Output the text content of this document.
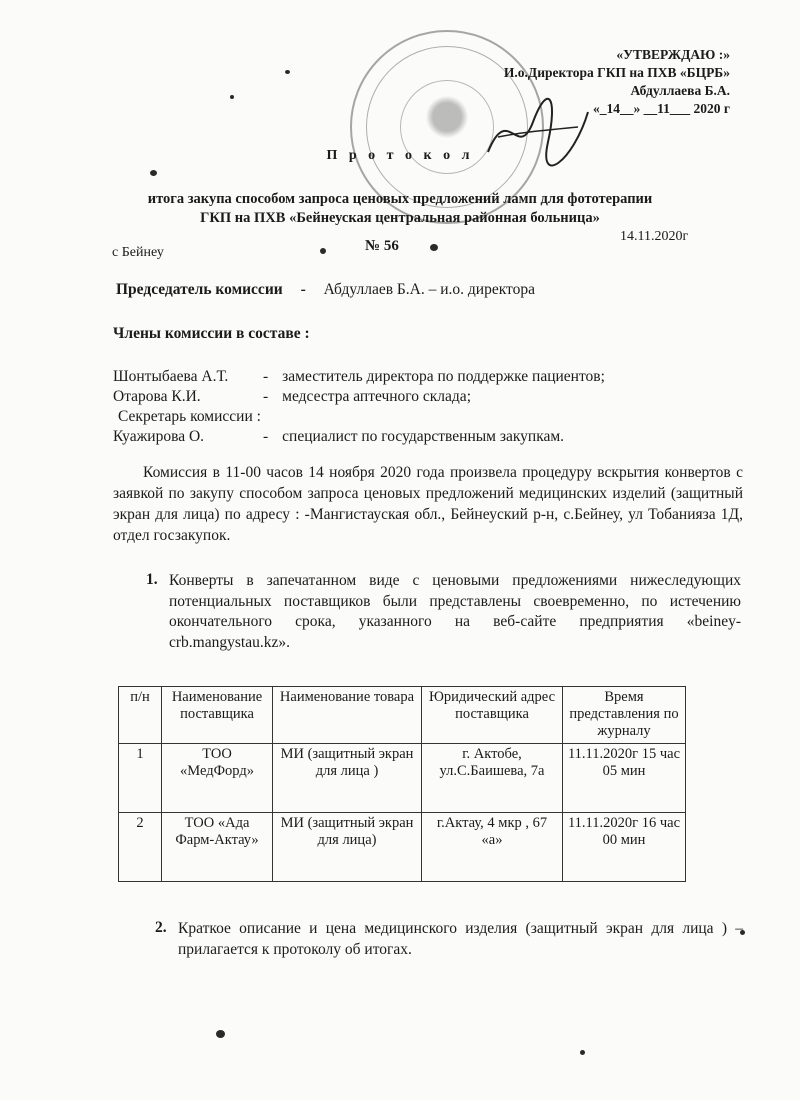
«УТВЕРЖДАЮ :»
И.о.Директора ГКП на ПХВ «БЦРБ»
Абдуллаева Б.А.
«_14__» __11___ 2020 г
П р о т о к о л
итога закупа способом запроса ценовых предложений ламп для фототерапии
ГКП на ПХВ «Бейнеуская центральная районная больница»
14.11.2020г
с Бейнеу	№ 56
Председатель комиссии - Абдуллаев Б.А. – и.о. директора
Члены комиссии в составе :
Шонтыбаева А.Т. - заместитель директора по поддержке пациентов;
Отарова К.И.	- медсестра аптечного склада;
Секретарь комиссии :
Куажирова О.	- специалист по государственным закупкам.
Комиссия в 11-00 часов 14 ноября 2020 года произвела процедуру вскрытия конвертов с заявкой по закупу способом запроса ценовых предложений медицинских изделий (защитный экран для лица) по адресу : -Мангистауская обл., Бейнеуский р-н, с.Бейнеу, ул Тобанияза 1Д, отдел госзакупок.
1. Конверты в запечатанном виде с ценовыми предложениями нижеследующих потенциальных поставщиков были представлены своевременно, по истечению окончательного срока, указанного на веб-сайте предприятия «beiney-crb.mangystau.kz».
п/н	Наименование поставщика	Наименование товара	Юридический адрес поставщика	Время представления по журналу
1	ТОО «МедФорд»	МИ (защитный экран для лица )	г. Актобе, ул.С.Баишева, 7а	11.11.2020г 15 час 05 мин
2	ТОО «Ада Фарм-Актау»	МИ (защитный экран для лица)	г.Актау, 4 мкр , 67 «а»	11.11.2020г 16 час 00 мин
2. Краткое описание и цена медицинского изделия (защитный экран для лица ) – прилагается к протоколу об итогах.
